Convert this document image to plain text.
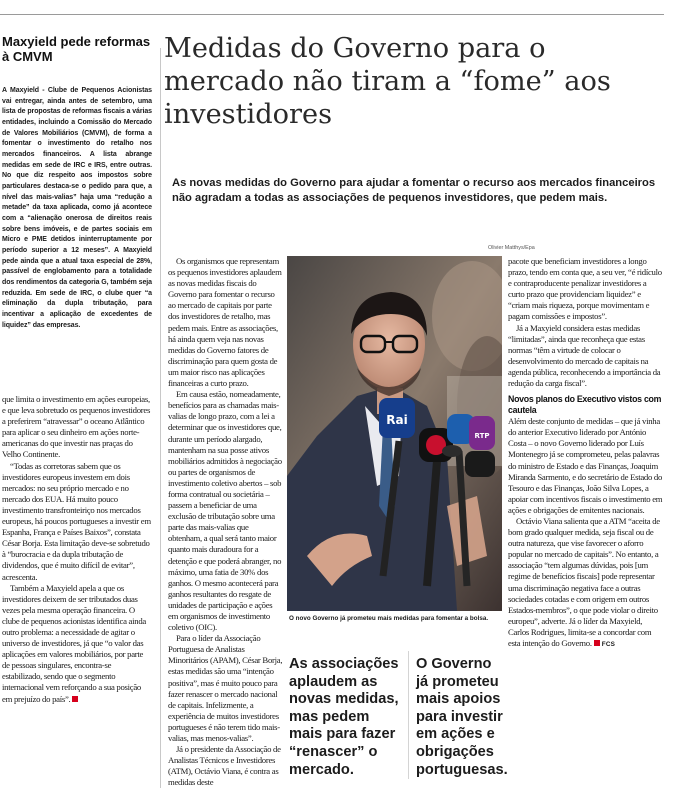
Maxyield pede reformas à CMVM
A Maxyield - Clube de Pequenos Acionistas vai entregar, ainda antes de setembro, uma lista de propostas de reformas fiscais a várias entidades, incluindo a Comissão do Mercado de Valores Mobiliários (CMVM), de forma a fomentar o investimento do retalho nos mercados financeiros. A lista abrange medidas em sede de IRC e IRS, entre outras. No que diz respeito aos impostos sobre particulares destaca-se o pedido para que, a nível das mais-valias” haja uma “redução a metade” da taxa aplicada, como já acontece com a “alienação onerosa de direitos reais sobre bens imóveis, e de partes sociais em Micro e PME detidos ininterruptamente por período superior a 12 meses”. A Maxyield pede ainda que a atual taxa especial de 28%, passível de englobamento para a totalidade dos rendimentos da categoria G, também seja reduzida. Em sede de IRC, o clube quer “a eliminação da dupla tributação, para incentivar a aplicação de excedentes de liquidez” das empresas.

que limita o investimento em ações europeias, e que leva sobretudo os pequenos investidores a preferirem “atravessar” o oceano Atlântico para aplicar o seu dinheiro em ações norte-americanas do que investir nas praças do Velho Continente.

“Todas as corretoras sabem que os investidores europeus investem em dois mercados: no seu próprio mercado e no mercado dos EUA. Há muito pouco investimento transfronteiriço nos mercados europeus, há poucos portugueses a investir em Espanha, França e Países Baixos”, constata César Borja. Esta limitação deve-se sobretudo à “burocracia e da dupla tributação de dividendos, que é muito difícil de evitar”, acrescenta.

Também a Maxyield apela a que os investidores deixem de ser tributados duas vezes pela mesma operação financeira. O clube de pequenos acionistas identifica ainda outro problema: a necessidade de agitar o universo de investidores, já que “o valor das aplicações em valores mobiliários, por parte de pessoas singulares, encontra-se estabilizado, sendo que o segmento internacional vem reforçando a sua posição em prejuízo do país”.

Medidas do Governo para o mercado não tiram a “fome” aos investidores
As novas medidas do Governo para ajudar a fomentar o recurso aos mercados financeiros não agradam a todas as associações de pequenos investidores, que pedem mais.
Olivier Matthys/Epa

Os organismos que representam os pequenos investidores aplaudem as novas medidas fiscais do Governo para fomentar o recurso ao mercado de capitais por parte dos investidores de retalho, mas pedem mais. Entre as associações, há ainda quem veja nas novas medidas do Governo fatores de discriminação para quem gosta de um maior risco nas aplicações financeiras a curto prazo.

Em causa estão, nomeadamente, benefícios para as chamadas mais-valias de longo prazo, com a lei a determinar que os investidores que, durante um período alargado, mantenham na sua posse ativos mobiliários admitidos à negociação ou partes de organismos de investimento coletivo abertos – sob forma contratual ou societária – passem a beneficiar de uma exclusão de tributação sobre uma parte das mais-valias que obtenham, a qual será tanto maior quanto mais duradoura for a detenção e que poderá abranger, no máximo, uma fatia de 30% dos ganhos. O mesmo acontecerá para ganhos resultantes do resgate de unidades de participação e ações em organismos de investimento coletivo (OIC).

Para o líder da Associação Portuguesa de Analistas Minoritários (APAM), César Borja, estas medidas são uma “intenção positiva”, mas é muito pouco para fazer renascer o mercado nacional de capitais. Infelizmente, a experiência de muitos investidores portugueses é não terem tido mais-valias, mas menos-valias”.

Já o presidente da Associação de Analistas Técnicos e Investidores (ATM), Octávio Viana, é contra as medidas deste

Rai
RTP
O novo Governo já prometeu mais medidas para fomentar a bolsa.
As associações aplaudem as novas medidas, mas pedem mais para fazer “renascer” o mercado.
O Governo já prometeu mais apoios para investir em ações e obrigações portuguesas.

pacote que beneficiam investidores a longo prazo, tendo em conta que, a seu ver, “é ridículo e contraproducente penalizar investidores a curto prazo que providenciam liquidez” e “criam mais riqueza, porque movimentam e pagam comissões e impostos”.

Já a Maxyield considera estas medidas “limitadas”, ainda que reconheça que estas normas “têm a virtude de colocar o desenvolvimento do mercado de capitais na agenda pública, reconhecendo a importância da redução da carga fiscal”.

Novos planos do Executivo vistos com cautela

Além deste conjunto de medidas – que já vinha do anterior Executivo liderado por António Costa – o novo Governo liderado por Luís Montenegro já se comprometeu, pelas palavras do ministro de Estado e das Finanças, Joaquim Miranda Sarmento, e do secretário de Estado do Tesouro e das Finanças, João Silva Lopes, a apoiar com incentivos fiscais o investimento em ações e obrigações de emitentes nacionais.

Octávio Viana salienta que a ATM “aceita de bom grado qualquer medida, seja fiscal ou de outra natureza, que vise favorecer o aforro popular no mercado de capitais”. No entanto, a associação “tem algumas dúvidas, pois [um regime de benefícios fiscais] pode representar uma discriminação negativa face a outras sociedades cotadas e com origem em outros Estados-membros”, o que pode violar o direito europeu”, adverte. Já o líder da Maxyield, Carlos Rodrigues, limita-se a concordar com esta intenção do Governo. FCS
